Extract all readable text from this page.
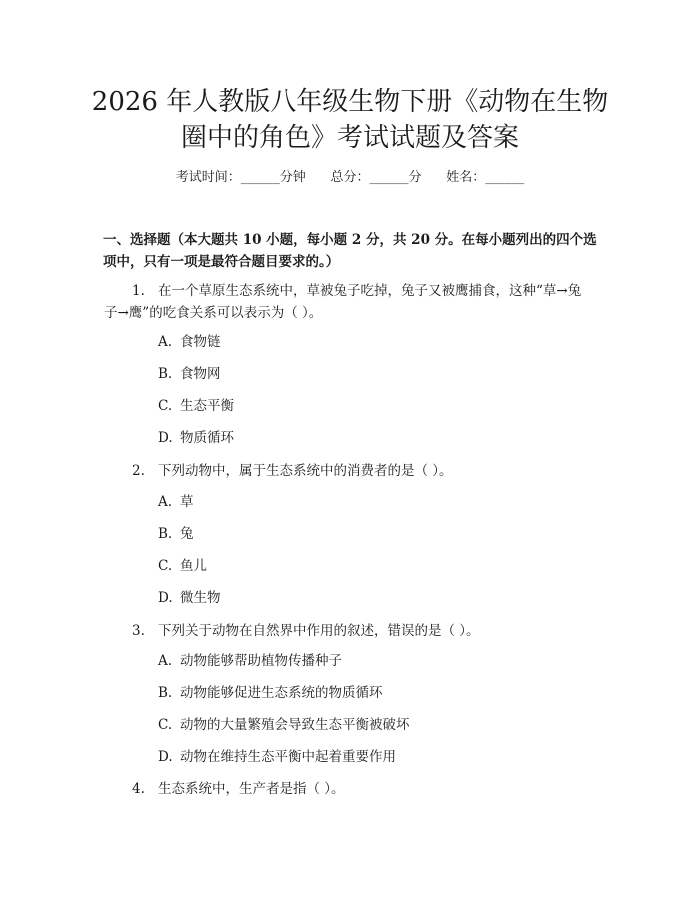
2026 年人教版八年级生物下册《动物在生物
圈中的角色》考试试题及答案
考试时间：______分钟      总分：______分      姓名：______
一、选择题（本大题共 10 小题，每小题 2 分，共 20 分。在每小题列出的四个选
项中，只有一项是最符合题目要求的。）
1. 在一个草原生态系统中，草被兔子吃掉，兔子又被鹰捕食，这种“草→兔
子→鹰”的吃食关系可以表示为（ ）。
A. 食物链
B. 食物网
C. 生态平衡
D. 物质循环
2. 下列动物中，属于生态系统中的消费者的是（ ）。
A. 草
B. 兔
C. 鱼儿
D. 微生物
3. 下列关于动物在自然界中作用的叙述，错误的是（ ）。
A. 动物能够帮助植物传播种子
B. 动物能够促进生态系统的物质循环
C. 动物的大量繁殖会导致生态平衡被破坏
D. 动物在维持生态平衡中起着重要作用
4. 生态系统中，生产者是指（ ）。
